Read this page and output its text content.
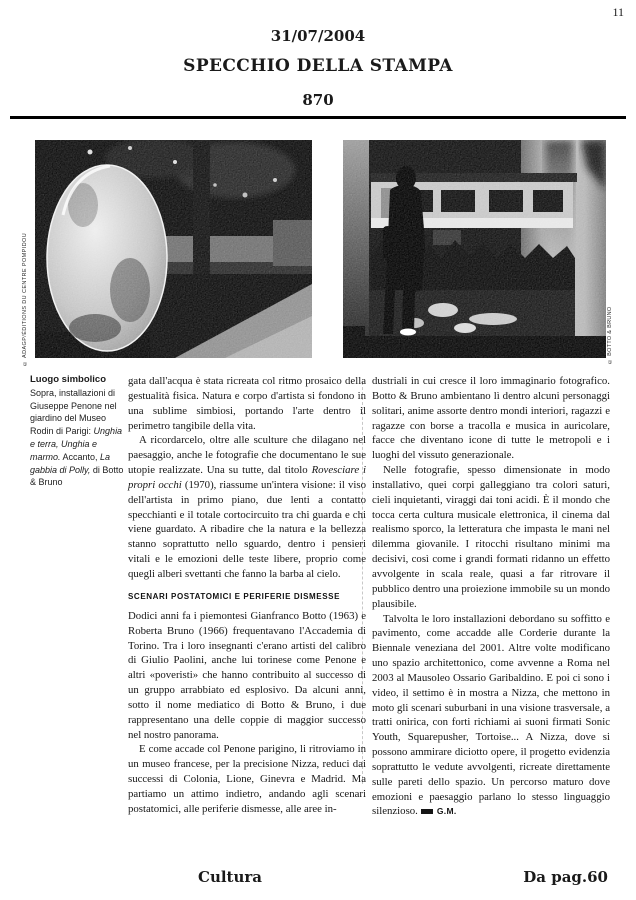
11
31/07/2004
SPECCHIO DELLA STAMPA
870
© ADAGP/ÉDITIONS DU CENTRE POMPIDOU	© BOTTO & BRUNO
Luogo simbolico
Sopra, installazioni di Giuseppe Penone nel giardino del Museo Rodin di Parigi: Unghia e terra, Unghia e marmo. Accanto, La gabbia di Polly, di Botto & Bruno

gata dall'acqua è stata ricreata col ritmo prosaico della gestualità fisica. Natura e corpo d'artista si fondono in una sublime simbiosi, portando l'arte dentro il perimetro tangibile della vita.

A ricordarcelo, oltre alle sculture che dilagano nel paesaggio, anche le fotografie che documentano le sue utopie realizzate. Una su tutte, dal titolo Rovesciare i propri occhi (1970), riassume un'intera visione: il viso dell'artista in primo piano, due lenti a contatto specchianti e il totale cortocircuito tra chi guarda e chi viene guardato. A ribadire che la natura e la bellezza stanno soprattutto nello sguardo, dentro i pensieri vitali e le emozioni delle teste libere, proprio come quegli alberi svettanti che fanno la barba al cielo.

SCENARI POSTATOMICI E PERIFERIE DISMESSE

Dodici anni fa i piemontesi Gianfranco Botto (1963) e Roberta Bruno (1966) frequentavano l'Accademia di Torino. Tra i loro insegnanti c'erano artisti del calibro di Giulio Paolini, anche lui torinese come Penone e altri «poveristi» che hanno contribuito al successo di un gruppo arrabbiato ed esplosivo. Da alcuni anni, sotto il nome mediatico di Botto & Bruno, i due rappresentano una delle coppie di maggior successo nel nostro panorama.

E come accade col Penone parigino, li ritroviamo in un museo francese, per la precisione Nizza, reduci dai successi di Colonia, Lione, Ginevra e Madrid. Ma partiamo un attimo indietro, andando agli scenari postatomici, alle periferie dismesse, alle aree in-

dustriali in cui cresce il loro immaginario fotografico. Botto & Bruno ambientano lì dentro alcuni personaggi solitari, anime assorte dentro mondi interiori, ragazzi e ragazze con borse a tracolla e musica in auricolare, facce che diventano icone di tutte le metropoli e i luoghi del vissuto generazionale.

Nelle fotografie, spesso dimensionate in modo installativo, quei corpi galleggiano tra colori saturi, cieli inquietanti, viraggi dai toni acidi. È il mondo che tocca certa cultura musicale elettronica, il cinema dal realismo sporco, la letteratura che impasta le mani nel dilemma giovanile. I ritocchi risultano minimi ma decisivi, così come i grandi formati ridanno un effetto avvolgente in scala reale, quasi a far ritrovare il pubblico dentro una proiezione immobile su un mondo plausibile.

Talvolta le loro installazioni debordano su soffitto e pavimento, come accadde alle Corderie durante la Biennale veneziana del 2001. Altre volte modificano uno spazio architettonico, come avvenne a Roma nel 2003 al Mausoleo Ossario Garibaldino. E poi ci sono i video, il settimo è in mostra a Nizza, che mettono in moto gli scenari suburbani in una visione trasversale, a tratti onirica, con forti richiami ai suoni firmati Sonic Youth, Squarepusher, Tortoise... A Nizza, dove si possono ammirare diciotto opere, il progetto evidenzia soprattutto le vedute avvolgenti, ricreate direttamente sulle pareti dello spazio. Un percorso maturo dove emozioni e paesaggio parlano lo stesso linguaggio silenzioso. G.M.

Cultura	Da pag.60
